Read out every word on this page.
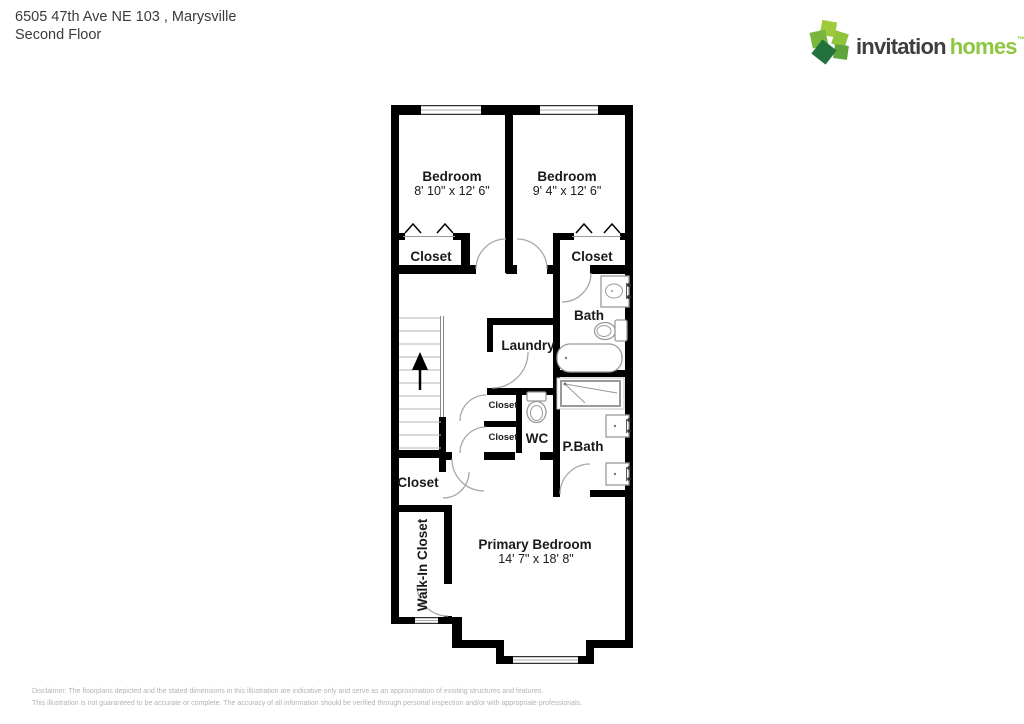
6505 47th Ave NE 103 , Marysville
Second Floor	invitation homes™
Bedroom
8' 10" x 12' 6"
Bedroom
9' 4" x 12' 6"
Closet	Closet
Bath
Laundry
Closet
Closet WC
P.Bath
Closet
Walk-In Closet	Primary Bedroom
14' 7" x 18' 8"
Disclaimer: The floorplans depicted and the stated dimensions in this illustration are indicative only and serve as an approximation of existing structures and features.
This illustration is not guaranteed to be accurate or complete. The accuracy of all information should be verified through personal inspection and/or with appropriate professionals.
